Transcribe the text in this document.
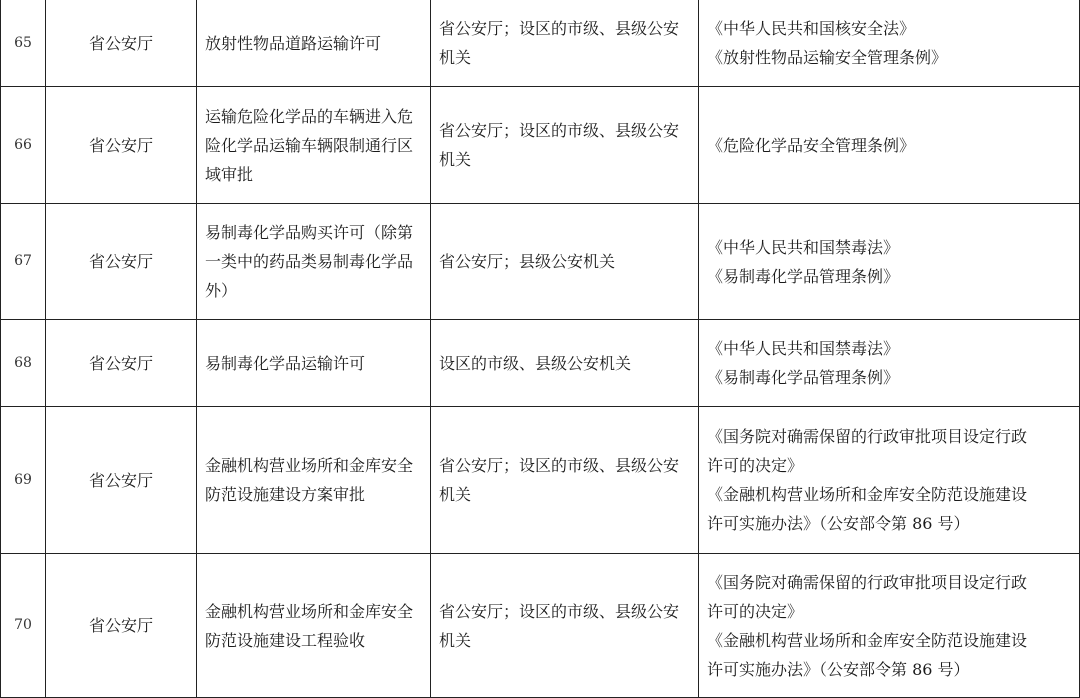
65	省公安厅	放射性物品道路运输许可	省公安厅；设区的市级、县级公安机关	《中华人民共和国核安全法》
《放射性物品运输安全管理条例》

66	省公安厅	运输危险化学品的车辆进入危险化学品运输车辆限制通行区域审批	省公安厅；设区的市级、县级公安机关	《危险化学品安全管理条例》

67	省公安厅	易制毒化学品购买许可（除第一类中的药品类易制毒化学品外）	省公安厅；县级公安机关	《中华人民共和国禁毒法》
《易制毒化学品管理条例》

68	省公安厅	易制毒化学品运输许可	设区的市级、县级公安机关	《中华人民共和国禁毒法》
《易制毒化学品管理条例》

69	省公安厅	金融机构营业场所和金库安全防范设施建设方案审批	省公安厅；设区的市级、县级公安机关	《国务院对确需保留的行政审批项目设定行政
许可的决定》
《金融机构营业场所和金库安全防范设施建设
许可实施办法》（公安部令第 86 号）

70	省公安厅	金融机构营业场所和金库安全防范设施建设工程验收	省公安厅；设区的市级、县级公安机关	《国务院对确需保留的行政审批项目设定行政
许可的决定》
《金融机构营业场所和金库安全防范设施建设
许可实施办法》（公安部令第 86 号）
